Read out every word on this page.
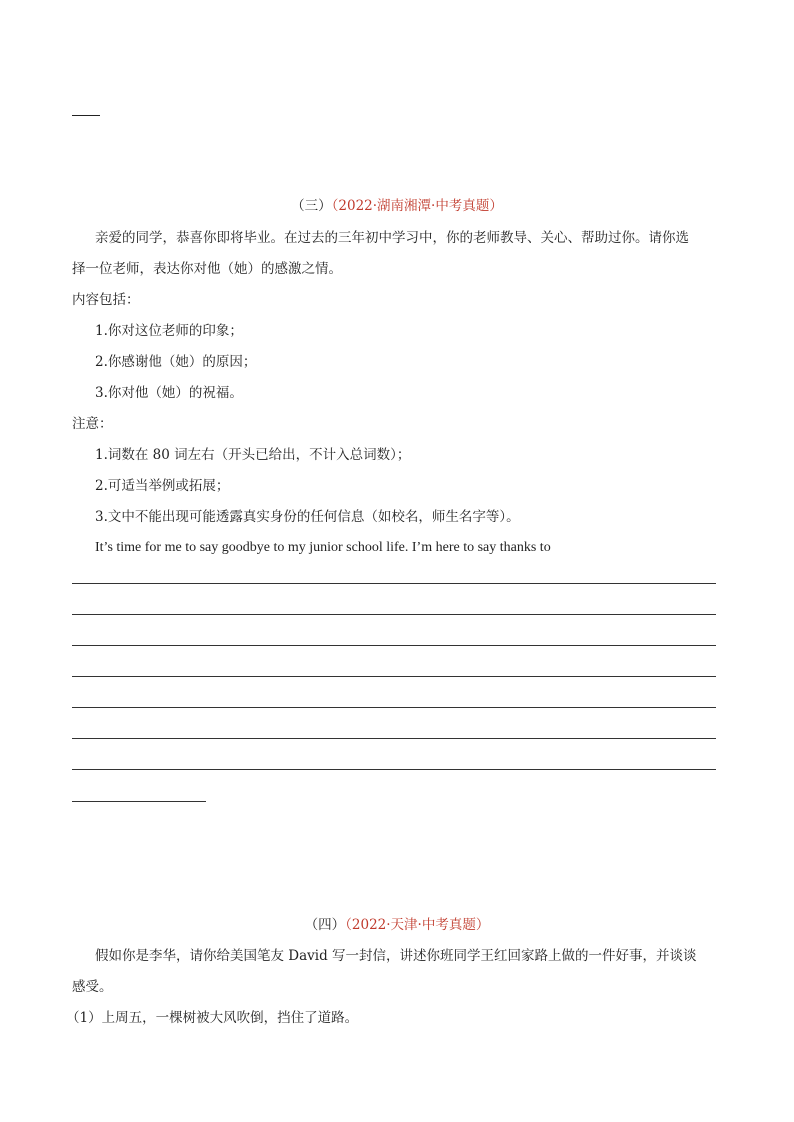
（三）（2022·湖南湘潭·中考真题）
亲爱的同学，恭喜你即将毕业。在过去的三年初中学习中，你的老师教导、关心、帮助过你。请你选
择一位老师，表达你对他（她）的感激之情。
内容包括：
1.你对这位老师的印象；
2.你感谢他（她）的原因；
3.你对他（她）的祝福。
注意：
1.词数在 80 词左右（开头已给出，不计入总词数）；
2.可适当举例或拓展；
3.文中不能出现可能透露真实身份的任何信息（如校名，师生名字等）。
It’s time for me to say goodbye to my junior school life. I’m here to say thanks to
（四）（2022·天津·中考真题）
假如你是李华，请你给美国笔友 David 写一封信，讲述你班同学王红回家路上做的一件好事，并谈谈
感受。
（1）上周五，一棵树被大风吹倒，挡住了道路。
